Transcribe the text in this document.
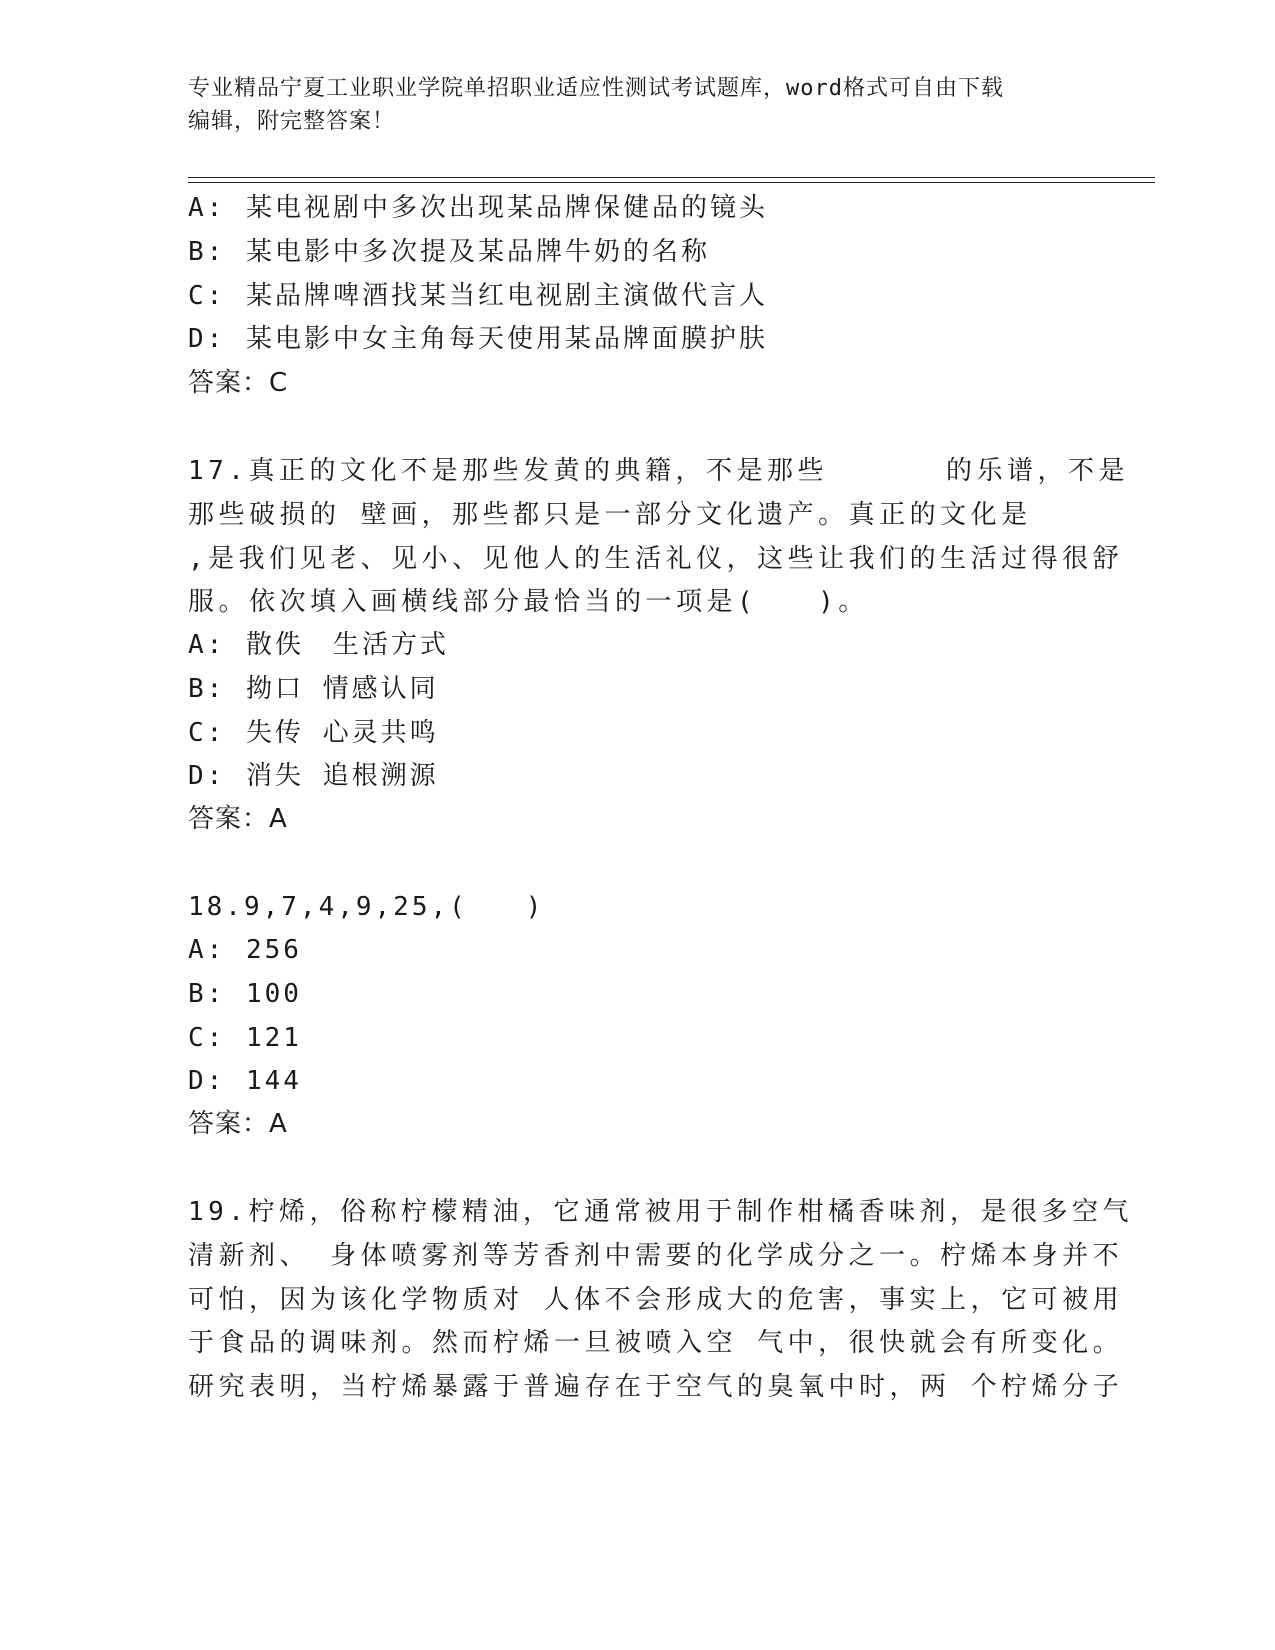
专业精品宁夏工业职业学院单招职业适应性测试考试题库，word格式可自由下载
编辑，附完整答案！
A: 某电视剧中多次出现某品牌保健品的镜头
B: 某电影中多次提及某品牌牛奶的名称
C: 某品牌啤酒找某当红电视剧主演做代言人
D: 某电影中女主角每天使用某品牌面膜护肤
答案：C
17.真正的文化不是那些发黄的典籍，不是那些	的乐谱，不是
那些破损的 壁画，那些都只是一部分文化遗产。真正的文化是
,是我们见老、见小、见他人的生活礼仪，这些让我们的生活过得很舒
服。依次填入画横线部分最恰当的一项是(　　)。
A: 散佚　生活方式
B: 拗口 情感认同
C: 失传 心灵共鸣
D: 消失 追根溯源
答案：A
18.9,7,4,9,25,(　　)
A: 256
B: 100
C: 121
D: 144
答案：A
19.柠烯，俗称柠檬精油，它通常被用于制作柑橘香味剂，是很多空气
清新剂、 身体喷雾剂等芳香剂中需要的化学成分之一。柠烯本身并不
可怕，因为该化学物质对 人体不会形成大的危害，事实上，它可被用
于食品的调味剂。然而柠烯一旦被喷入空 气中，很快就会有所变化。
研究表明，当柠烯暴露于普遍存在于空气的臭氧中时，两 个柠烯分子
